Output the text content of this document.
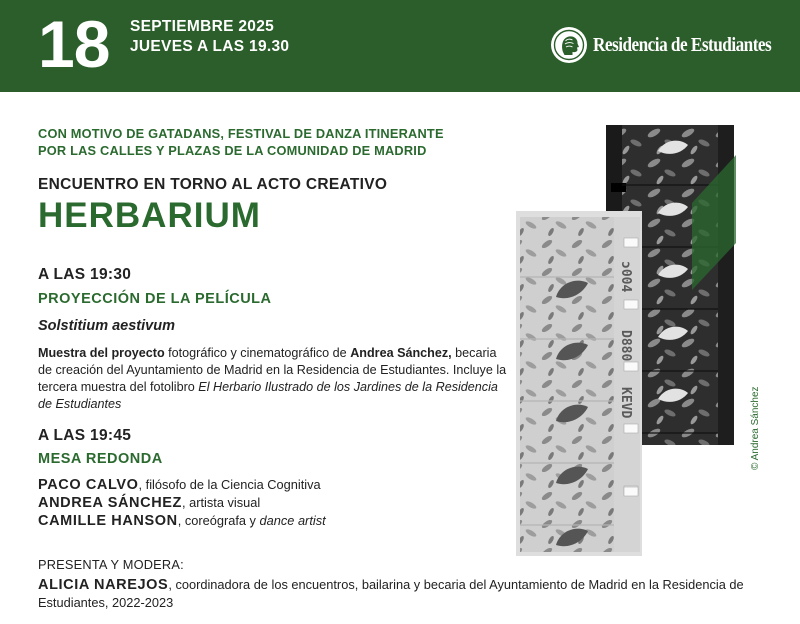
18 SEPTIEMBRE 2025
JUEVES A LAS 19.30	Residencia de Estudiantes
CON MOTIVO DE GATADANS, FESTIVAL DE DANZA ITINERANTE
POR LAS CALLES Y PLAZAS DE LA COMUNIDAD DE MADRID
ENCUENTRO EN TORNO AL ACTO CREATIVO
HERBARIUM
A LAS 19:30
PROYECCIÓN DE LA PELÍCULA
Solstitium aestivum
Muestra del proyecto fotográfico y cinematográfico de Andrea Sánchez, becaria de creación del Ayuntamiento de Madrid en la Residencia de Estudiantes. Incluye la tercera muestra del fotolibro El Herbario Ilustrado de los Jardines de la Residencia de Estudiantes
A LAS 19:45
MESA REDONDA
PACO CALVO, filósofo de la Ciencia Cognitiva
ANDREA SÁNCHEZ, artista visual
CAMILLE HANSON, coreógrafa y dance artist
PRESENTA Y MODERA:
ALICIA NAREJOS, coordinadora de los encuentros, bailarina y becaria del Ayuntamiento de Madrid en la Residencia de Estudiantes, 2022-2023
ɔ004
D880
KEVD	© Andrea Sánchez
